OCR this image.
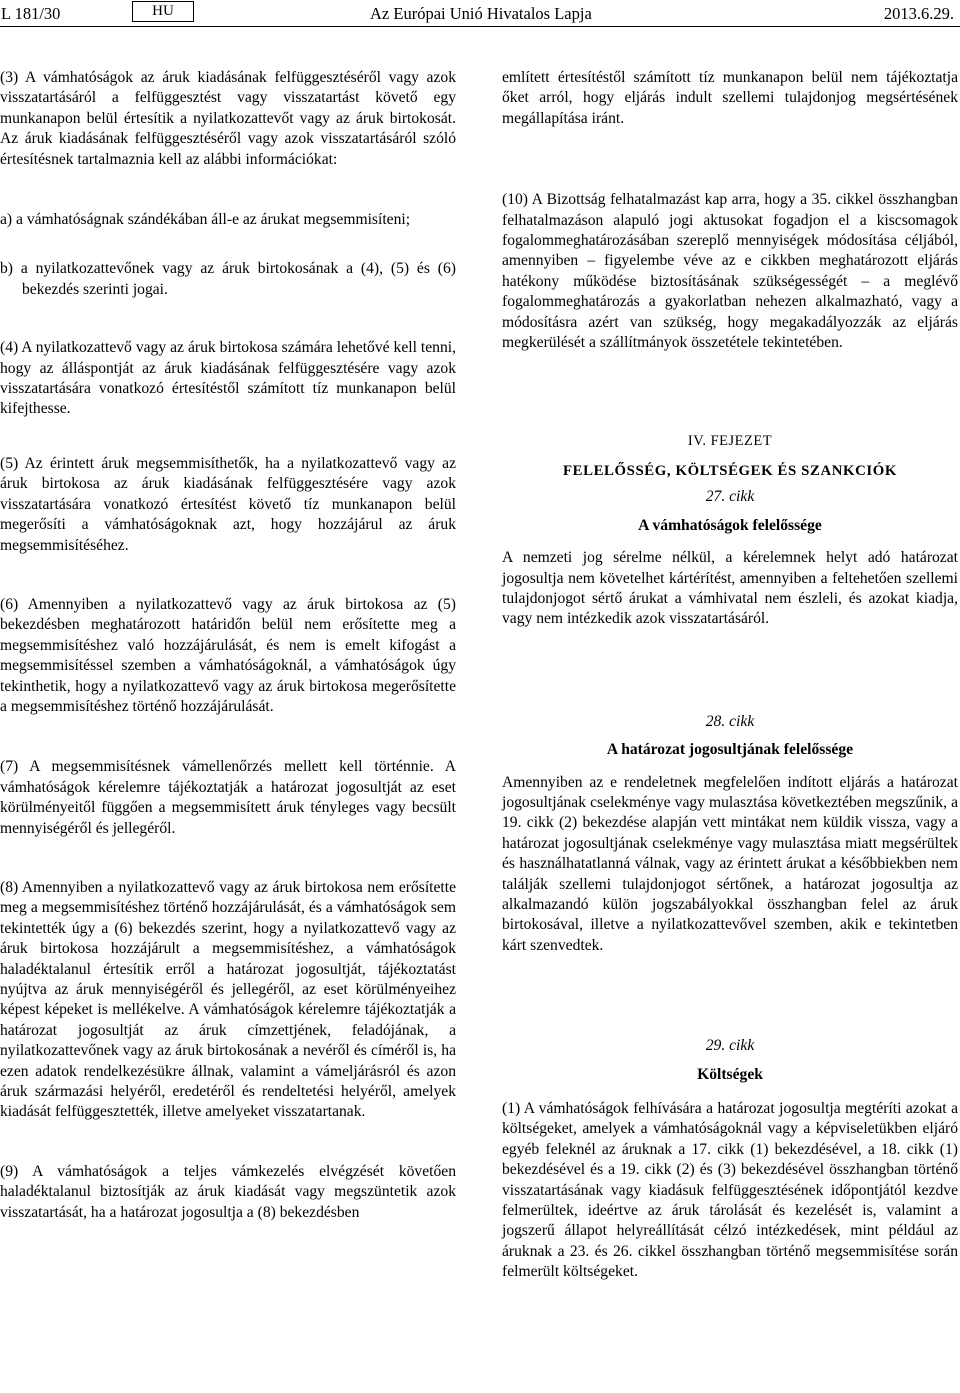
L 181/30	HU	Az Európai Unió Hivatalos Lapja	2013.6.29.

(3) A vámhatóságok az áruk kiadásának felfüggesztéséről vagy azok visszatartásáról a felfüggesztést vagy visszatartást követő egy munkanapon belül értesítik a nyilatkozattevőt vagy az áruk birtokosát. Az áruk kiadásának felfüggesztéséről vagy azok visszatartásáról szóló értesítésnek tartalmaznia kell az alábbi információkat:

a) a vámhatóságnak szándékában áll-e az árukat megsemmisíteni;

b) a nyilatkozattevőnek vagy az áruk birtokosának a (4), (5) és (6) bekezdés szerinti jogai.

(4) A nyilatkozattevő vagy az áruk birtokosa számára lehetővé kell tenni, hogy az álláspontját az áruk kiadásának felfüggesztésére vagy azok visszatartására vonatkozó értesítéstől számított tíz munkanapon belül kifejthesse.

(5) Az érintett áruk megsemmisíthetők, ha a nyilatkozattevő vagy az áruk birtokosa az áruk kiadásának felfüggesztésére vagy azok visszatartására vonatkozó értesítést követő tíz munkanapon belül megerősíti a vámhatóságoknak azt, hogy hozzájárul az áruk megsemmisítéséhez.

(6) Amennyiben a nyilatkozattevő vagy az áruk birtokosa az (5) bekezdésben meghatározott határidőn belül nem erősítette meg a megsemmisítéshez való hozzájárulását, és nem is emelt kifogást a megsemmisítéssel szemben a vámhatóságoknál, a vámhatóságok úgy tekinthetik, hogy a nyilatkozattevő vagy az áruk birtokosa megerősítette a megsemmisítéshez történő hozzájárulását.

(7) A megsemmisítésnek vámellenőrzés mellett kell történnie. A vámhatóságok kérelemre tájékoztatják a határozat jogosultját az eset körülményeitől függően a megsemmisített áruk tényleges vagy becsült mennyiségéről és jellegéről.

(8) Amennyiben a nyilatkozattevő vagy az áruk birtokosa nem erősítette meg a megsemmisítéshez történő hozzájárulását, és a vámhatóságok sem tekintették úgy a (6) bekezdés szerint, hogy a nyilatkozattevő vagy az áruk birtokosa hozzájárult a megsemmisítéshez, a vámhatóságok haladéktalanul értesítik erről a határozat jogosultját, tájékoztatást nyújtva az áruk mennyiségéről és jellegéről, az eset körülményeihez képest képeket is mellékelve. A vámhatóságok kérelemre tájékoztatják a határozat jogosultját az áruk címzettjének, feladójának, a nyilatkozattevőnek vagy az áruk birtokosának a nevéről és címéről is, ha ezen adatok rendelkezésükre állnak, valamint a vámeljárásról és azon áruk származási helyéről, eredetéről és rendeltetési helyéről, amelyek kiadását felfüggesztették, illetve amelyeket visszatartanak.

(9) A vámhatóságok a teljes vámkezelés elvégzését követően haladéktalanul biztosítják az áruk kiadását vagy megszüntetik azok visszatartását, ha a határozat jogosultja a (8) bekezdésben

említett értesítéstől számított tíz munkanapon belül nem tájékoztatja őket arról, hogy eljárás indult szellemi tulajdonjog megsértésének megállapítása iránt.

(10) A Bizottság felhatalmazást kap arra, hogy a 35. cikkel összhangban felhatalmazáson alapuló jogi aktusokat fogadjon el a kiscsomagok fogalommeghatározásában szereplő mennyiségek módosítása céljából, amennyiben – figyelembe véve az e cikkben meghatározott eljárás hatékony működése biztosításának szükségességét – a meglévő fogalommeghatározás a gyakorlatban nehezen alkalmazható, vagy a módosításra azért van szükség, hogy megakadályozzák az eljárás megkerülését a szállítmányok összetétele tekintetében.

IV. FEJEZET

FELELŐSSÉG, KÖLTSÉGEK ÉS SZANKCIÓK

27. cikk

A vámhatóságok felelőssége

A nemzeti jog sérelme nélkül, a kérelemnek helyt adó határozat jogosultja nem követelhet kártérítést, amennyiben a feltehetően szellemi tulajdonjogot sértő árukat a vámhivatal nem észleli, és azokat kiadja, vagy nem intézkedik azok visszatartásáról.

28. cikk

A határozat jogosultjának felelőssége

Amennyiben az e rendeletnek megfelelően indított eljárás a határozat jogosultjának cselekménye vagy mulasztása következtében megszűnik, a 19. cikk (2) bekezdése alapján vett mintákat nem küldik vissza, vagy a határozat jogosultjának cselekménye vagy mulasztása miatt megsérültek és használhatatlanná válnak, vagy az érintett árukat a későbbiekben nem találják szellemi tulajdonjogot sértőnek, a határozat jogosultja az alkalmazandó külön jogszabályokkal összhangban felel az áruk birtokosával, illetve a nyilatkozattevővel szemben, akik e tekintetben kárt szenvedtek.

29. cikk

Költségek

(1) A vámhatóságok felhívására a határozat jogosultja megtéríti azokat a költségeket, amelyek a vámhatóságoknál vagy a képviseletükben eljáró egyéb feleknél az áruknak a 17. cikk (1) bekezdésével, a 18. cikk (1) bekezdésével és a 19. cikk (2) és (3) bekezdésével összhangban történő visszatartásának vagy kiadásuk felfüggesztésének időpontjától kezdve felmerültek, ideértve az áruk tárolását és kezelését is, valamint a jogszerű állapot helyreállítását célzó intézkedések, mint például az áruknak a 23. és 26. cikkel összhangban történő megsemmisítése során felmerült költségeket.
